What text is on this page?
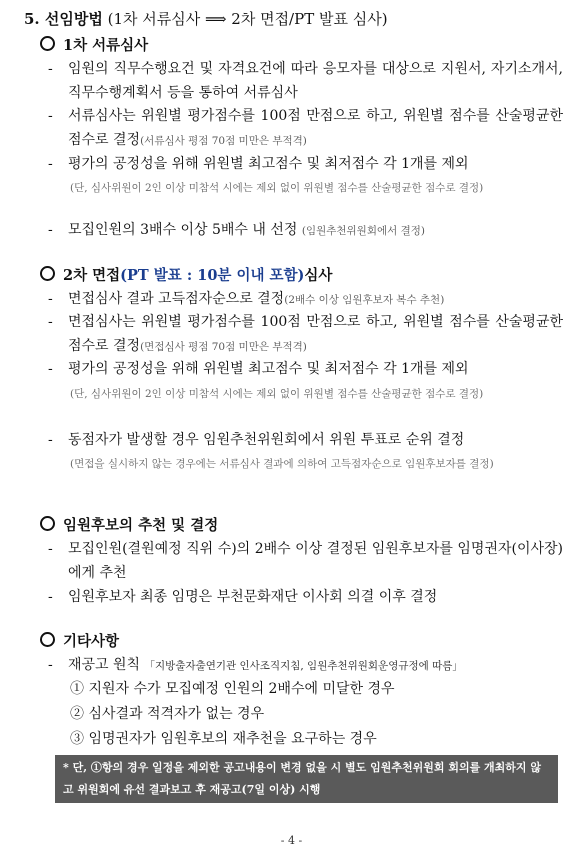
5. 선임방법 (1차 서류심사 ⟹ 2차 면접/PT 발표 심사)
1차 서류심사
-	임원의 직무수행요건 및 자격요건에 따라 응모자를 대상으로 지원서, 자기소개서, 직무수행계획서 등을 통하여 서류심사
-	서류심사는 위원별 평가점수를 100점 만점으로 하고, 위원별 점수를 산술평균한 점수로 결정(서류심사 평점 70점 미만은 부적격)
-	평가의 공정성을 위해 위원별 최고점수 및 최저점수 각 1개를 제외
(단, 심사위원이 2인 이상 미참석 시에는 제외 없이 위원별 점수를 산술평균한 점수로 결정)
-	모집인원의 3배수 이상 5배수 내 선정 (임원추천위원회에서 결정)
2차 면접(PT 발표 : 10분 이내 포함)심사
-	면접심사 결과 고득점자순으로 결정(2배수 이상 임원후보자 복수 추천)
-	면접심사는 위원별 평가점수를 100점 만점으로 하고, 위원별 점수를 산술평균한 점수로 결정(면접심사 평점 70점 미만은 부적격)
-	평가의 공정성을 위해 위원별 최고점수 및 최저점수 각 1개를 제외
(단, 심사위원이 2인 이상 미참석 시에는 제외 없이 위원별 점수를 산술평균한 점수로 결정)
-	동점자가 발생할 경우 임원추천위원회에서 위원 투표로 순위 결정
(면접을 실시하지 않는 경우에는 서류심사 결과에 의하여 고득점자순으로 임원후보자를 결정)
임원후보의 추천 및 결정
-	모집인원(결원예정 직위 수)의 2배수 이상 결정된 임원후보자를 임명권자(이사장)에게 추천
-	임원후보자 최종 임명은 부천문화재단 이사회 의결 이후 결정
기타사항
-	재공고 원칙 「지방출자출연기관 인사조직지침, 임원추천위원회운영규정에 따름」
① 지원자 수가 모집예정 인원의 2배수에 미달한 경우
② 심사결과 적격자가 없는 경우
③ 임명권자가 임원후보의 재추천을 요구하는 경우
* 단, ①항의 경우 일정을 제외한 공고내용이 변경 없을 시 별도 임원추천위원회 회의를 개최하지 않고 위원회에 유선 결과보고 후 재공고(7일 이상) 시행
- 4 -
